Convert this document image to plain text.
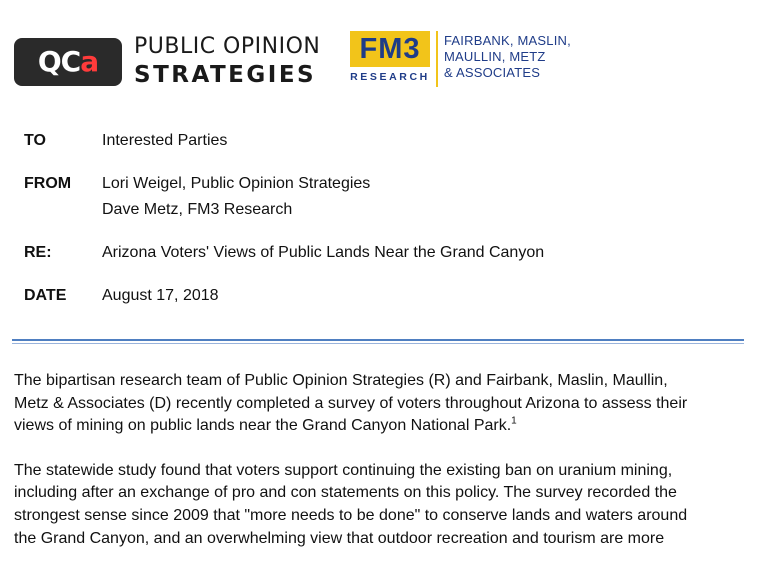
QCa PUBLIC OPINION
STRATEGIES
FM3
RESEARCH
FAIRBANK, MASLIN,
MAULLIN, METZ
& ASSOCIATES
TO	Interested Parties
FROM	Lori Weigel, Public Opinion Strategies
Dave Metz, FM3 Research
RE:	Arizona Voters' Views of Public Lands Near the Grand Canyon
DATE	August 17, 2018

The bipartisan research team of Public Opinion Strategies (R) and Fairbank, Maslin, Maullin,
Metz & Associates (D) recently completed a survey of voters throughout Arizona to assess their
views of mining on public lands near the Grand Canyon National Park.$^1$

The statewide study found that voters support continuing the existing ban on uranium mining,
including after an exchange of pro and con statements on this policy. The survey recorded the
strongest sense since 2009 that "more needs to be done" to conserve lands and waters around
the Grand Canyon, and an overwhelming view that outdoor recreation and tourism are more
